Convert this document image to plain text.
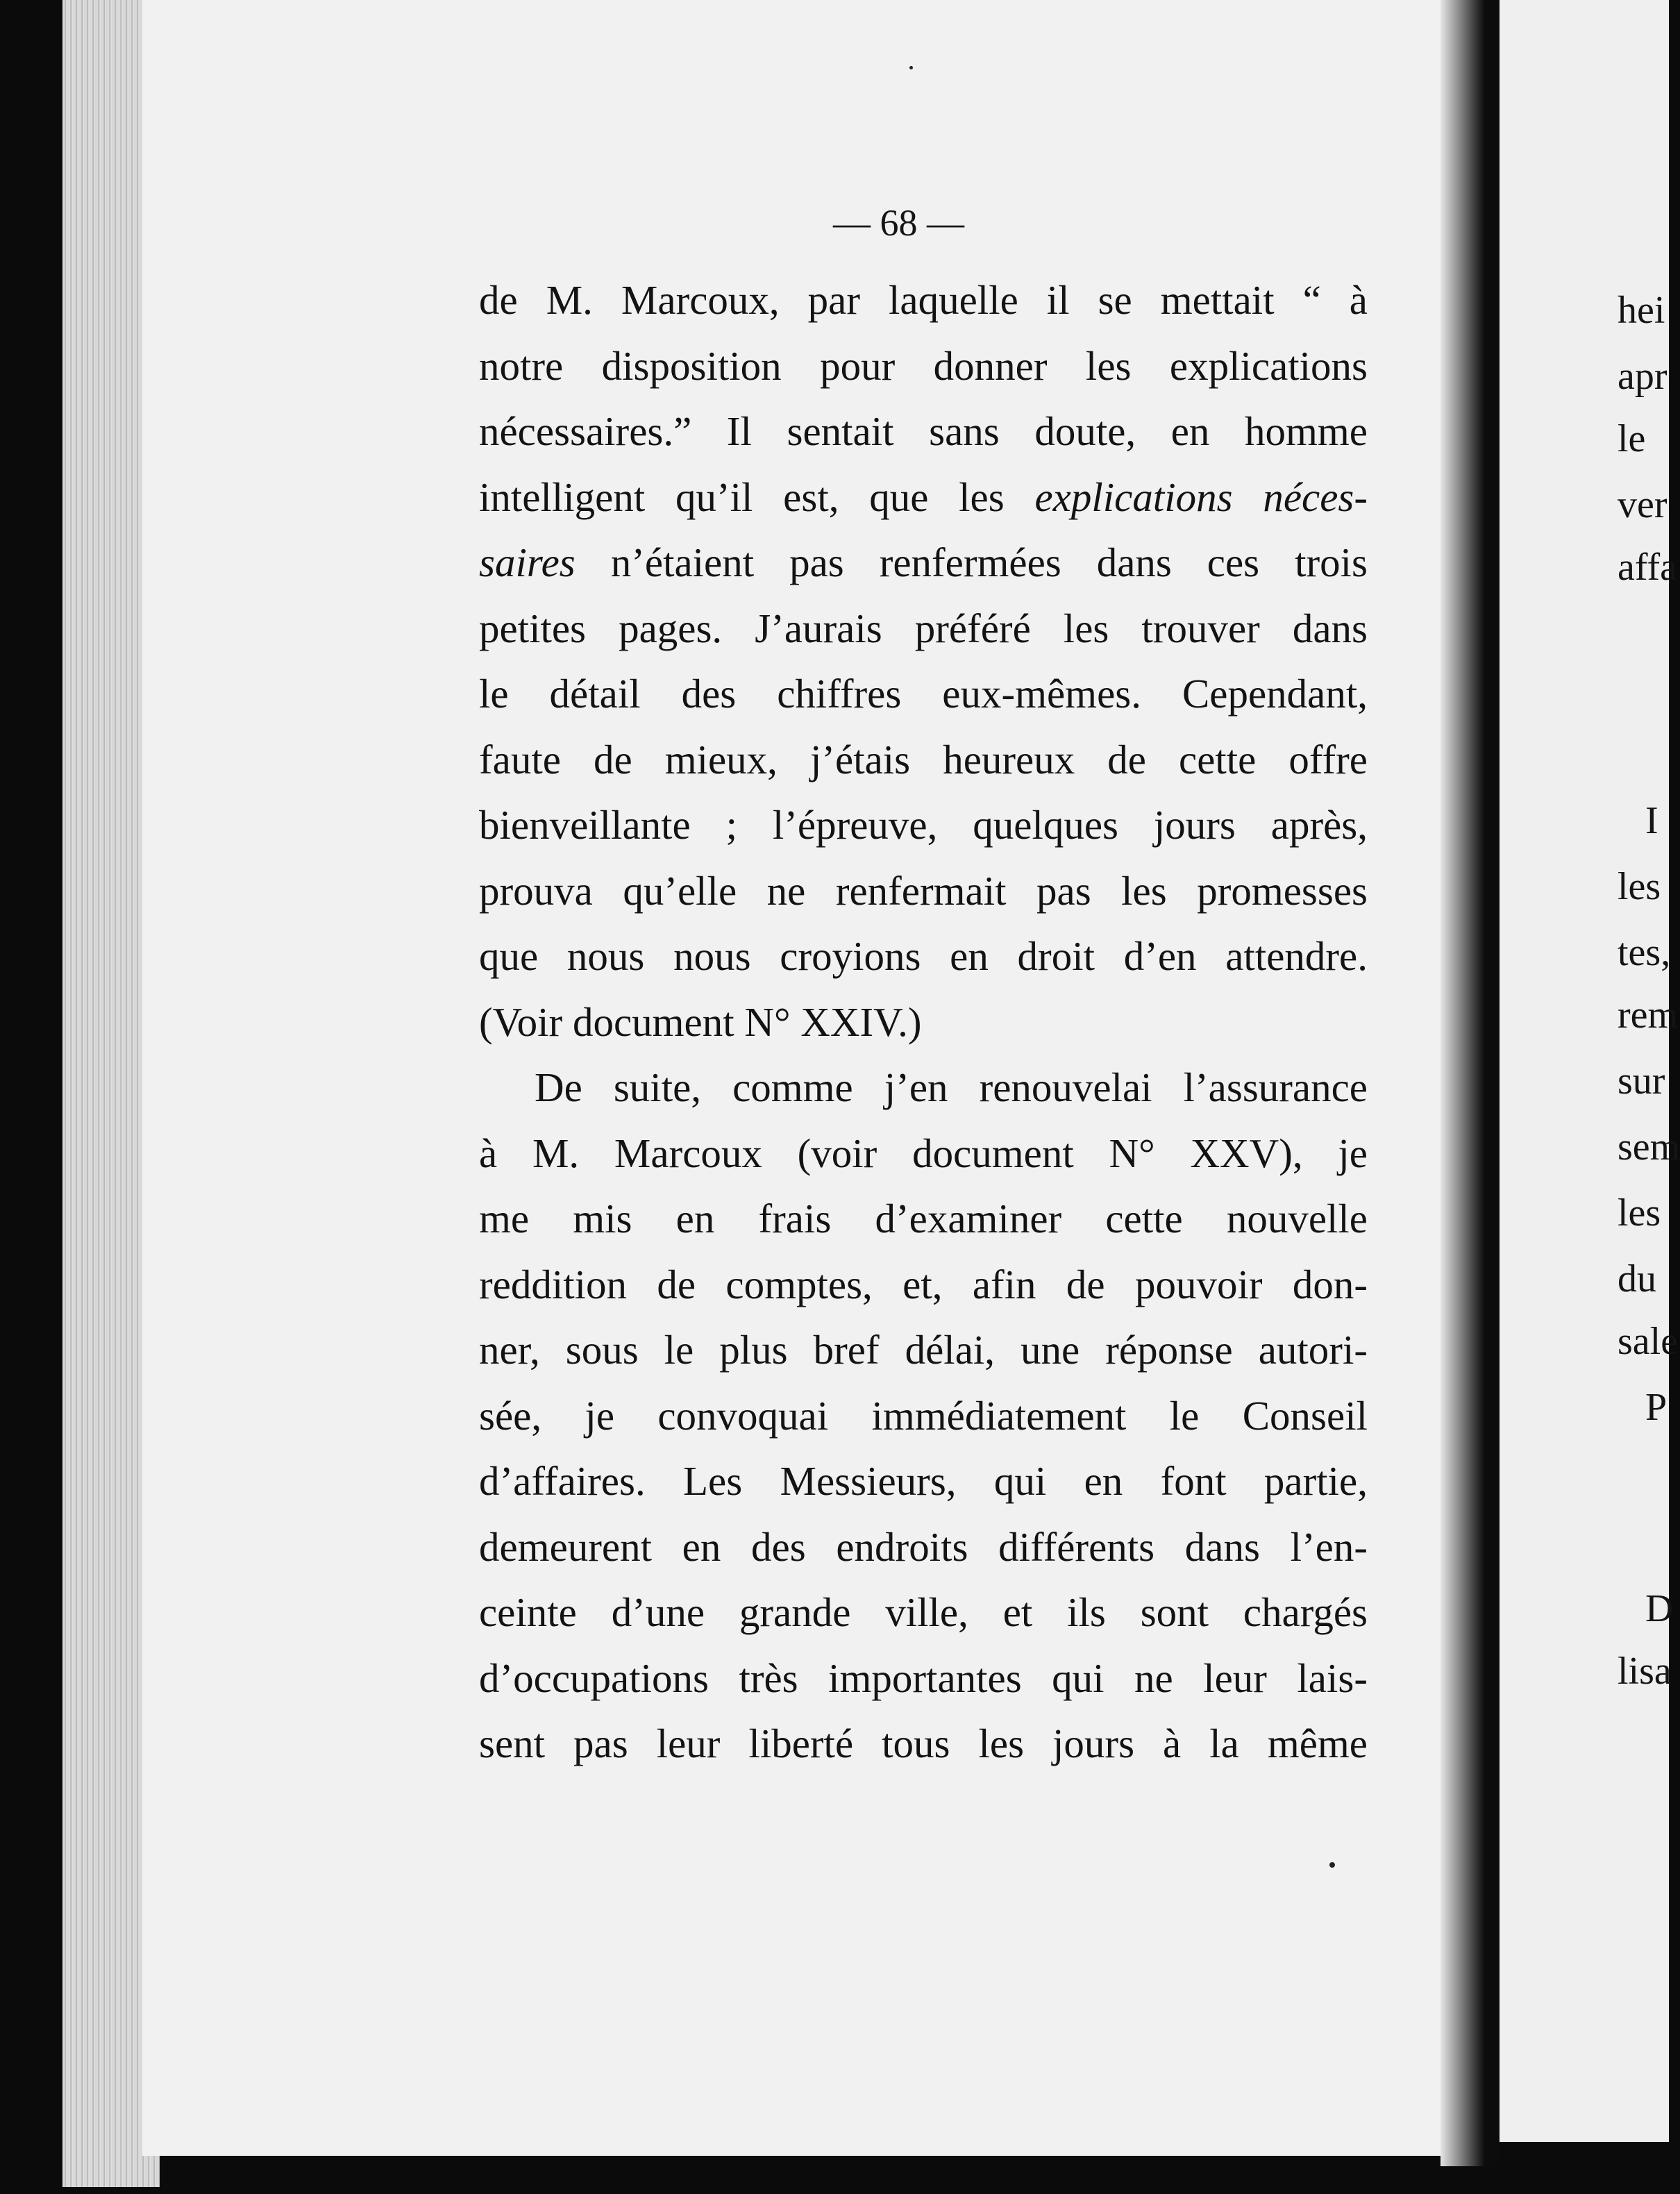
— 68 —
de M. Marcoux, par laquelle il se mettait “ à
notre disposition pour donner les explications
nécessaires.” Il sentait sans doute, en homme
intelligent qu’il est, que les explications néces-
saires n’étaient pas renfermées dans ces trois
petites pages. J’aurais préféré les trouver dans
le détail des chiffres eux-mêmes. Cependant,
faute de mieux, j’étais heureux de cette offre
bienveillante ; l’épreuve, quelques jours après,
prouva qu’elle ne renfermait pas les promesses
que nous nous croyions en droit d’en attendre.
(Voir document N° XXIV.)
De suite, comme j’en renouvelai l’assurance
à M. Marcoux (voir document N° XXV), je
me mis en frais d’examiner cette nouvelle
reddition de comptes, et, afin de pouvoir don-
ner, sous le plus bref délai, une réponse autori-
sée, je convoquai immédiatement le Conseil
d’affaires. Les Messieurs, qui en font partie,
demeurent en des endroits différents dans l’en-
ceinte d’une grande ville, et ils sont chargés
d’occupations très importantes qui ne leur lais-
sent pas leur liberté tous les jours à la même
hei
apr
le
ver
affa
I
les
tes,
rem
sur
sem
les
du
sale
P
D
lisa
